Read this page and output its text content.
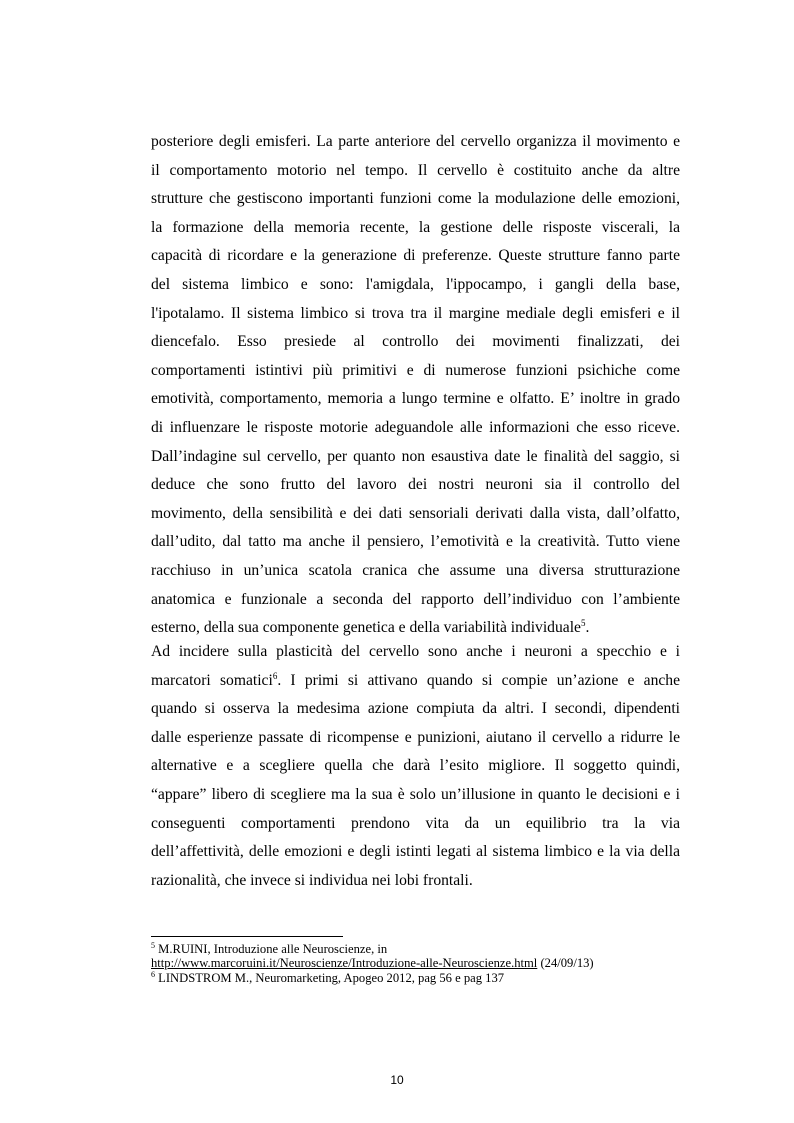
posteriore degli emisferi. La parte anteriore del cervello organizza il movimento e
il comportamento motorio nel tempo. Il cervello è costituito anche da altre
strutture che gestiscono importanti funzioni come la modulazione delle emozioni,
la formazione della memoria recente, la gestione delle risposte viscerali, la
capacità di ricordare e la generazione di preferenze. Queste strutture fanno parte
del sistema limbico e sono: l'amigdala, l'ippocampo, i gangli della base,
l'ipotalamo. Il sistema limbico si trova tra il margine mediale degli emisferi e il
diencefalo. Esso presiede al controllo dei movimenti finalizzati, dei
comportamenti istintivi più primitivi e di numerose funzioni psichiche come
emotività, comportamento, memoria a lungo termine e olfatto. E’ inoltre in grado
di influenzare le risposte motorie adeguandole alle informazioni che esso riceve.
Dall’indagine sul cervello, per quanto non esaustiva date le finalità del saggio, si
deduce che sono frutto del lavoro dei nostri neuroni sia il controllo del
movimento, della sensibilità e dei dati sensoriali derivati dalla vista, dall’olfatto,
dall’udito, dal tatto ma anche il pensiero, l’emotività e la creatività. Tutto viene
racchiuso in un’unica scatola cranica che assume una diversa strutturazione
anatomica e funzionale a seconda del rapporto dell’individuo con l’ambiente
esterno, della sua componente genetica e della variabilità individuale$^5$.
Ad incidere sulla plasticità del cervello sono anche i neuroni a specchio e i
marcatori somatici$^6$. I primi si attivano quando si compie un’azione e anche
quando si osserva la medesima azione compiuta da altri. I secondi, dipendenti
dalle esperienze passate di ricompense e punizioni, aiutano il cervello a ridurre le
alternative e a scegliere quella che darà l’esito migliore. Il soggetto quindi,
“appare” libero di scegliere ma la sua è solo un’illusione in quanto le decisioni e i
conseguenti comportamenti prendono vita da un equilibrio tra la via
dell’affettività, delle emozioni e degli istinti legati al sistema limbico e la via della
razionalità, che invece si individua nei lobi frontali.
$^5$ M.RUINI, Introduzione alle Neuroscienze, in
http://www.marcoruini.it/Neuroscienze/Introduzione-alle-Neuroscienze.html (24/09/13)
$^6$ LINDSTROM M., Neuromarketing, Apogeo 2012, pag 56 e pag 137
10
